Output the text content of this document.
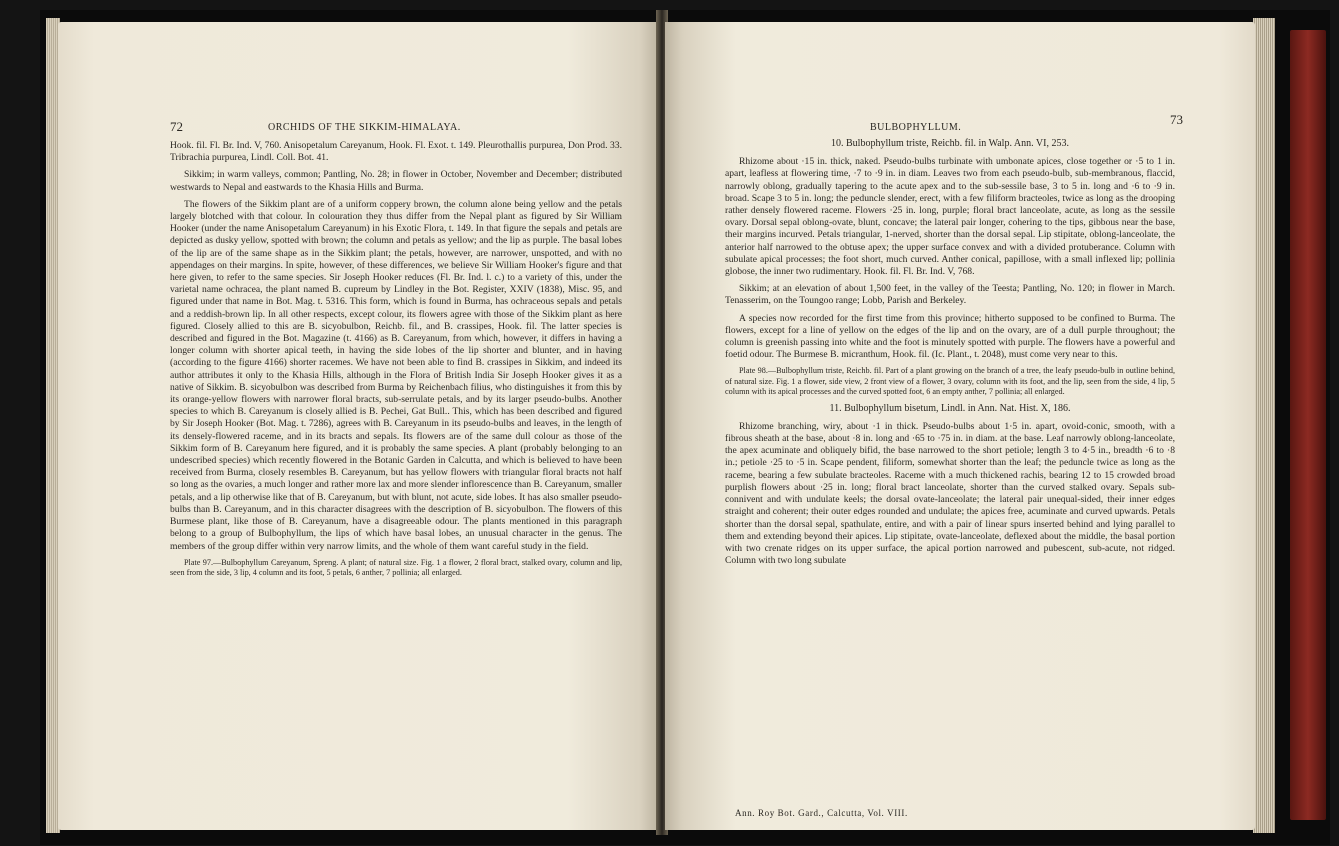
72	ORCHIDS OF THE SIKKIM-HIMALAYA.

Hook. fil. Fl. Br. Ind. V, 760. Anisopetalum Careyanum, Hook. Fl. Exot. t. 149. Pleurothallis purpurea, Don Prod. 33. Tribrachia purpurea, Lindl. Coll. Bot. 41.

Sikkim; in warm valleys, common; Pantling, No. 28; in flower in October, November and December; distributed westwards to Nepal and eastwards to the Khasia Hills and Burma.

The flowers of the Sikkim plant are of a uniform coppery brown, the column alone being yellow and the petals largely blotched with that colour. In colouration they thus differ from the Nepal plant as figured by Sir William Hooker (under the name Anisopetalum Careyanum) in his Exotic Flora, t. 149. In that figure the sepals and petals are depicted as dusky yellow, spotted with brown; the column and petals as yellow; and the lip as purple. The basal lobes of the lip are of the same shape as in the Sikkim plant; the petals, however, are narrower, unspotted, and with no appendages on their margins. In spite, however, of these differences, we believe Sir William Hooker's figure and that here given, to refer to the same species. Sir Joseph Hooker reduces (Fl. Br. Ind. l. c.) to a variety of this, under the varietal name ochracea, the plant named B. cupreum by Lindley in the Bot. Register, XXIV (1838), Misc. 95, and figured under that name in Bot. Mag. t. 5316. This form, which is found in Burma, has ochraceous sepals and petals and a reddish-brown lip. In all other respects, except colour, its flowers agree with those of the Sikkim plant as here figured. Closely allied to this are B. sicyobulbon, Reichb. fil., and B. crassipes, Hook. fil. The latter species is described and figured in the Bot. Magazine (t. 4166) as B. Careyanum, from which, however, it differs in having a longer column with shorter apical teeth, in having the side lobes of the lip shorter and blunter, and in having (according to the figure 4166) shorter racemes. We have not been able to find B. crassipes in Sikkim, and indeed its author attributes it only to the Khasia Hills, although in the Flora of British India Sir Joseph Hooker gives it as a native of Sikkim. B. sicyobulbon was described from Burma by Reichenbach filius, who distinguishes it from this by its orange-yellow flowers with narrower floral bracts, sub-serrulate petals, and by its larger pseudo-bulbs. Another species to which B. Careyanum is closely allied is B. Pechei, Gat Bull.. This, which has been described and figured by Sir Joseph Hooker (Bot. Mag. t. 7286), agrees with B. Careyanum in its pseudo-bulbs and leaves, in the length of its densely-flowered raceme, and in its bracts and sepals. Its flowers are of the same dull colour as those of the Sikkim form of B. Careyanum here figured, and it is probably the same species. A plant (probably belonging to an undescribed species) which recently flowered in the Botanic Garden in Calcutta, and which is believed to have been received from Burma, closely resembles B. Careyanum, but has yellow flowers with triangular floral bracts not half so long as the ovaries, a much longer and rather more lax and more slender inflorescence than B. Careyanum, smaller petals, and a lip otherwise like that of B. Careyanum, but with blunt, not acute, side lobes. It has also smaller pseudo-bulbs than B. Careyanum, and in this character disagrees with the description of B. sicyobulbon. The flowers of this Burmese plant, like those of B. Careyanum, have a disagreeable odour. The plants mentioned in this paragraph belong to a group of Bulbophyllum, the lips of which have basal lobes, an unusual character in the genus. The members of the group differ within very narrow limits, and the whole of them want careful study in the field.

Plate 97.—Bulbophyllum Careyanum, Spreng. A plant; of natural size. Fig. 1 a flower, 2 floral bract, stalked ovary, column and lip, seen from the side, 3 lip, 4 column and its foot, 5 petals, 6 anther, 7 pollinia; all enlarged.

BULBOPHYLLUM.
73
10. Bulbophyllum triste, Reichb. fil. in Walp. Ann. VI, 253.

Rhizome about ·15 in. thick, naked. Pseudo-bulbs turbinate with umbonate apices, close together or ·5 to 1 in. apart, leafless at flowering time, ·7 to ·9 in. in diam. Leaves two from each pseudo-bulb, sub-membranous, flaccid, narrowly oblong, gradually tapering to the acute apex and to the sub-sessile base, 3 to 5 in. long and ·6 to ·9 in. broad. Scape 3 to 5 in. long; the peduncle slender, erect, with a few filiform bracteoles, twice as long as the drooping rather densely flowered raceme. Flowers ·25 in. long, purple; floral bract lanceolate, acute, as long as the sessile ovary. Dorsal sepal oblong-ovate, blunt, concave; the lateral pair longer, cohering to the tips, gibbous near the base, their margins incurved. Petals triangular, 1-nerved, shorter than the dorsal sepal. Lip stipitate, oblong-lanceolate, the anterior half narrowed to the obtuse apex; the upper surface convex and with a divided protuberance. Column with subulate apical processes; the foot short, much curved. Anther conical, papillose, with a small inflexed lip; pollinia globose, the inner two rudimentary. Hook. fil. Fl. Br. Ind. V, 768.

Sikkim; at an elevation of about 1,500 feet, in the valley of the Teesta; Pantling, No. 120; in flower in March. Tenasserim, on the Toungoo range; Lobb, Parish and Berkeley.

A species now recorded for the first time from this province; hitherto supposed to be confined to Burma. The flowers, except for a line of yellow on the edges of the lip and on the ovary, are of a dull purple throughout; the column is greenish passing into white and the foot is minutely spotted with purple. The flowers have a powerful and foetid odour. The Burmese B. micranthum, Hook. fil. (Ic. Plant., t. 2048), must come very near to this.

Plate 98.—Bulbophyllum triste, Reichb. fil. Part of a plant growing on the branch of a tree, the leafy pseudo-bulb in outline behind, of natural size. Fig. 1 a flower, side view, 2 front view of a flower, 3 ovary, column with its foot, and the lip, seen from the side, 4 lip, 5 column with its apical processes and the curved spotted foot, 6 an empty anther, 7 pollinia; all enlarged.

11. Bulbophyllum bisetum, Lindl. in Ann. Nat. Hist. X, 186.

Rhizome branching, wiry, about ·1 in thick. Pseudo-bulbs about 1·5 in. apart, ovoid-conic, smooth, with a fibrous sheath at the base, about ·8 in. long and ·65 to ·75 in. in diam. at the base. Leaf narrowly oblong-lanceolate, the apex acuminate and obliquely bifid, the base narrowed to the short petiole; length 3 to 4·5 in., breadth ·6 to ·8 in.; petiole ·25 to ·5 in. Scape pendent, filiform, somewhat shorter than the leaf; the peduncle twice as long as the raceme, bearing a few subulate bracteoles. Raceme with a much thickened rachis, bearing 12 to 15 crowded broad purplish flowers about ·25 in. long; floral bract lanceolate, shorter than the curved stalked ovary. Sepals sub-connivent and with undulate keels; the dorsal ovate-lanceolate; the lateral pair unequal-sided, their inner edges straight and coherent; their outer edges rounded and undulate; the apices free, acuminate and curved upwards. Petals shorter than the dorsal sepal, spathulate, entire, and with a pair of linear spurs inserted behind and lying parallel to them and extending beyond their apices. Lip stipitate, ovate-lanceolate, deflexed about the middle, the basal portion with two crenate ridges on its upper surface, the apical portion narrowed and pubescent, sub-acute, not ridged. Column with two long subulate

Ann. Roy Bot. Gard., Calcutta, Vol. VIII.
